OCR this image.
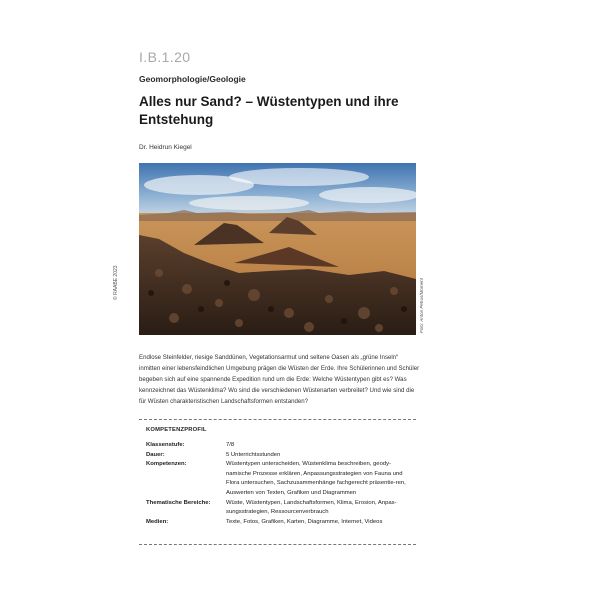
I.B.1.20
Geomorphologie/Geologie
Alles nur Sand? – Wüstentypen und ihre Entstehung
Dr. Heidrun Kiegel
© RAABE 2023	Foto: Anton Petrus/Moment
Endlose Steinfelder, riesige Sanddünen, Vegetationsarmut und seltene Oasen als „grüne Inseln“ inmitten einer lebensfeindlichen Umgebung prägen die Wüsten der Erde. Ihre Schülerinnen und Schüler begeben sich auf eine spannende Expedition rund um die Erde: Welche Wüstentypen gibt es? Was kennzeichnet das Wüstenklima? Wo sind die verschiedenen Wüstenarten verbreitet? Und wie sind die für Wüsten charakteristischen Landschaftsformen entstanden?
KOMPETENZPROFIL
Klassenstufe:	7/8
Dauer:	5 Unterrichtsstunden
Kompetenzen:	Wüstentypen unterscheiden, Wüstenklima beschreiben, geody-namische Prozesse erklären, Anpassungsstrategien von Fauna und Flora untersuchen, Sachzusammenhänge fachgerecht präsentie-ren, Auswerten von Texten, Grafiken und Diagrammen
Thematische Bereiche:	Wüste, Wüstentypen, Landschaftsformen, Klima, Erosion, Anpas-sungsstrategien, Ressourcenverbrauch
Medien:	Texte, Fotos, Grafiken, Karten, Diagramme, Internet, Videos
